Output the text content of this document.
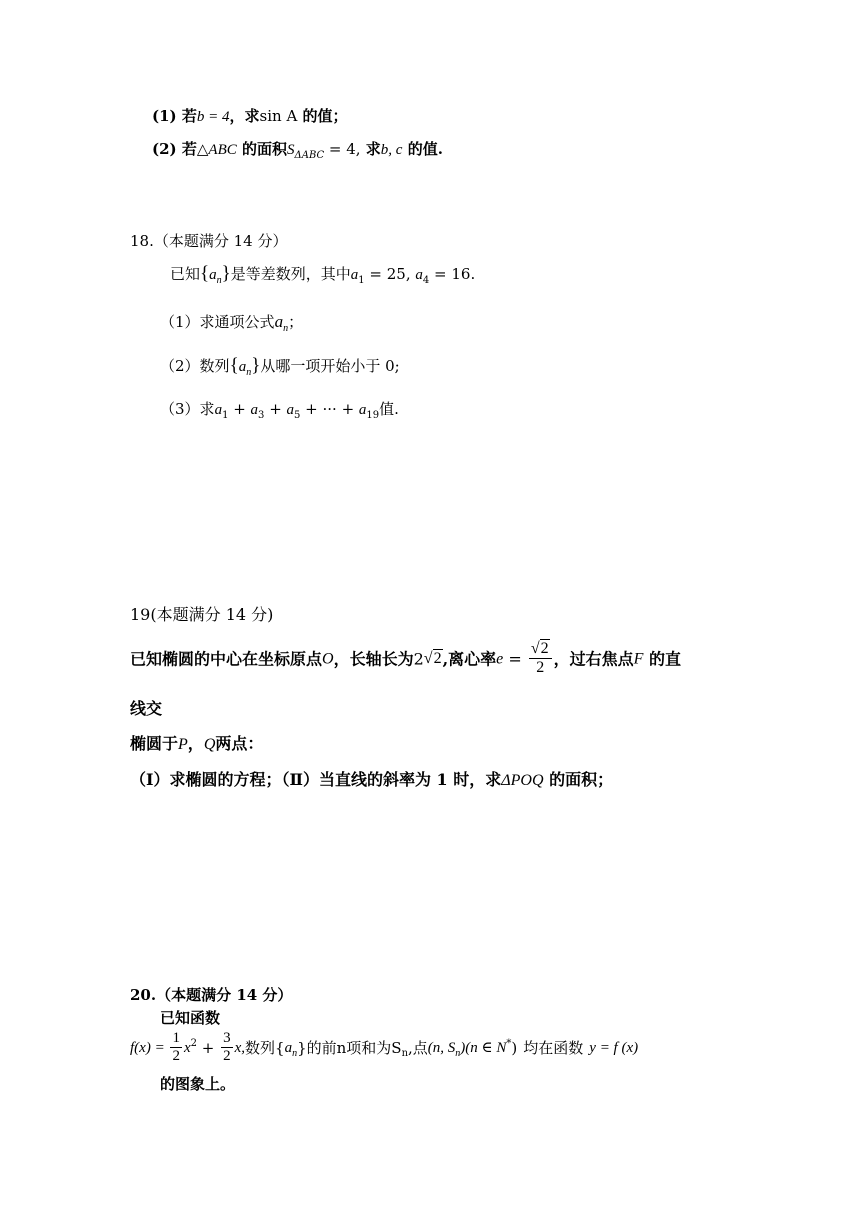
(1) 若b = 4，求sin A 的值；
(2) 若△ABC 的面积$S_{\Delta ABC} = 4$, 求b, c 的值.
18.（本题满分 14 分）
已知$\{a_n\}$是等差数列，其中$a_1 = 25$, $a_4 = 16$.
（1）求通项公式$a_n$；
（2）数列$\{a_n\}$从哪一项开始小于 0;
（3）求$a_1 + a_3 + a_5$ + ··· + $a_{19}$值.
19(本题满分 14 分)
已知椭圆的中心在坐标原点O，长轴长为2√2,离心率$e = \frac{√2}{2}$ ，过右焦点F 的直
线交
椭圆于P，Q两点：
（Ⅰ）求椭圆的方程；（Ⅱ）当直线的斜率为 1 时，求ΔPOQ 的面积；
20.（本题满分 14 分）
已知函数
$f(x) = \frac{1}{2} x^2 + \frac{3}{2} x$,数列$\{a_n\}$的前n项和为$S_n$,点(n, $S_n)(n$ ∈ N*) 均在函数 y = f (x)
的图象上。
